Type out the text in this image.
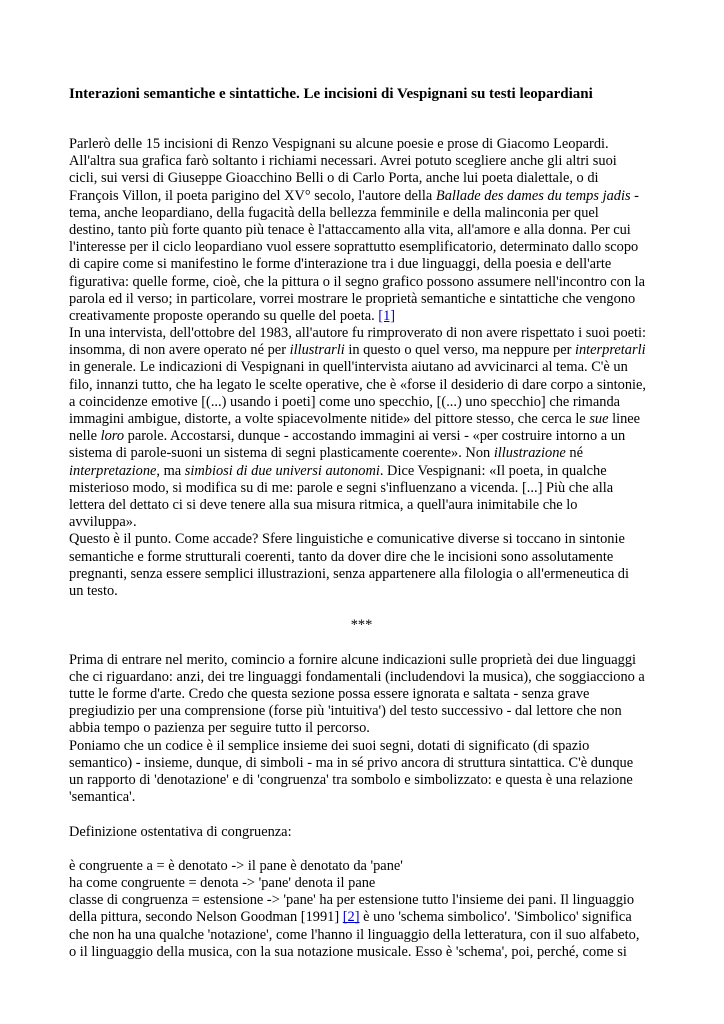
Interazioni semantiche e sintattiche. Le incisioni di Vespignani su testi leopardiani
Parlerò delle 15 incisioni di Renzo Vespignani su alcune poesie e prose di Giacomo Leopardi.
All'altra sua grafica farò soltanto i richiami necessari. Avrei potuto scegliere anche gli altri suoi
cicli, sui versi di Giuseppe Gioacchino Belli o di Carlo Porta, anche lui poeta dialettale, o di
François Villon, il poeta parigino del XV° secolo, l'autore della Ballade des dames du temps jadis -
tema, anche leopardiano, della fugacità della bellezza femminile e della malinconia per quel
destino, tanto più forte quanto più tenace è l'attaccamento alla vita, all'amore e alla donna. Per cui
l'interesse per il ciclo leopardiano vuol essere soprattutto esemplificatorio, determinato dallo scopo
di capire come si manifestino le forme d'interazione tra i due linguaggi, della poesia e dell'arte
figurativa: quelle forme, cioè, che la pittura o il segno grafico possono assumere nell'incontro con la
parola ed il verso; in particolare, vorrei mostrare le proprietà semantiche e sintattiche che vengono
creativamente proposte operando su quelle del poeta. [1]
In una intervista, dell'ottobre del 1983, all'autore fu rimproverato di non avere rispettato i suoi poeti:
insomma, di non avere operato né per illustrarli in questo o quel verso, ma neppure per interpretarli
in generale. Le indicazioni di Vespignani in quell'intervista aiutano ad avvicinarci al tema. C'è un
filo, innanzi tutto, che ha legato le scelte operative, che è «forse il desiderio di dare corpo a sintonie,
a coincidenze emotive [(...) usando i poeti] come uno specchio, [(...) uno specchio] che rimanda
immagini ambigue, distorte, a volte spiacevolmente nitide» del pittore stesso, che cerca le sue linee
nelle loro parole. Accostarsi, dunque - accostando immagini ai versi - «per costruire intorno a un
sistema di parole-suoni un sistema di segni plasticamente coerente». Non illustrazione né
interpretazione, ma simbiosi di due universi autonomi. Dice Vespignani: «Il poeta, in qualche
misterioso modo, si modifica su di me: parole e segni s'influenzano a vicenda. [...] Più che alla
lettera del dettato ci si deve tenere alla sua misura ritmica, a quell'aura inimitabile che lo
avviluppa».
Questo è il punto. Come accade? Sfere linguistiche e comunicative diverse si toccano in sintonie
semantiche e forme strutturali coerenti, tanto da dover dire che le incisioni sono assolutamente
pregnanti, senza essere semplici illustrazioni, senza appartenere alla filologia o all'ermeneutica di
un testo.
***
Prima di entrare nel merito, comincio a fornire alcune indicazioni sulle proprietà dei due linguaggi
che ci riguardano: anzi, dei tre linguaggi fondamentali (includendovi la musica), che soggiacciono a
tutte le forme d'arte. Credo che questa sezione possa essere ignorata e saltata - senza grave
pregiudizio per una comprensione (forse più 'intuitiva') del testo successivo - dal lettore che non
abbia tempo o pazienza per seguire tutto il percorso.
Poniamo che un codice è il semplice insieme dei suoi segni, dotati di significato (di spazio
semantico) - insieme, dunque, di simboli - ma in sé privo ancora di struttura sintattica. C'è dunque
un rapporto di 'denotazione' e di 'congruenza' tra sombolo e simbolizzato: e questa è una relazione
'semantica'.
Definizione ostentativa di congruenza:
è congruente a = è denotato -> il pane è denotato da 'pane'
ha come congruente = denota -> 'pane' denota il pane
classe di congruenza = estensione -> 'pane' ha per estensione tutto l'insieme dei pani. Il linguaggio
della pittura, secondo Nelson Goodman [1991] [2] è uno 'schema simbolico'. 'Simbolico' significa
che non ha una qualche 'notazione', come l'hanno il linguaggio della letteratura, con il suo alfabeto,
o il linguaggio della musica, con la sua notazione musicale. Esso è 'schema', poi, perché, come si
